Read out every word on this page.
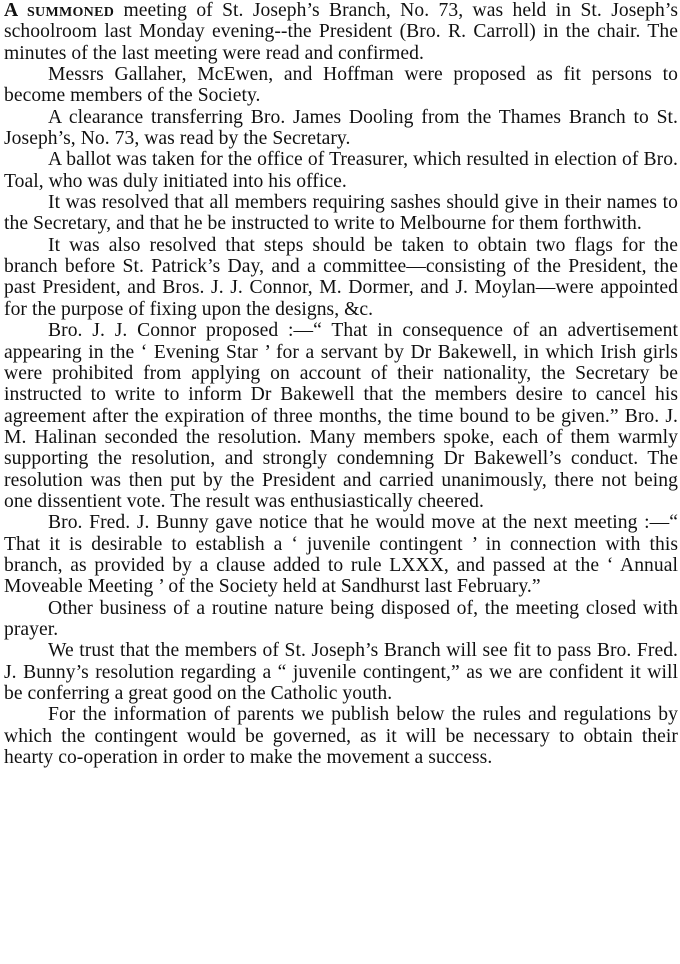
A summoned meeting of St. Joseph’s Branch, No. 73, was held in St. Joseph’s schoolroom last Monday evening--the President (Bro. R. Carroll) in the chair. The minutes of the last meeting were read and confirmed.

Messrs Gallaher, McEwen, and Hoffman were proposed as fit persons to become members of the Society.

A clearance transferring Bro. James Dooling from the Thames Branch to St. Joseph’s, No. 73, was read by the Secretary.

A ballot was taken for the office of Treasurer, which resulted in election of Bro. Toal, who was duly initiated into his office.

It was resolved that all members requiring sashes should give in their names to the Secretary, and that he be instructed to write to Melbourne for them forthwith.

It was also resolved that steps should be taken to obtain two flags for the branch before St. Patrick’s Day, and a committee—consisting of the President, the past President, and Bros. J. J. Connor, M. Dormer, and J. Moylan—were appointed for the purpose of fixing upon the designs, &c.

Bro. J. J. Connor proposed :—“ That in consequence of an advertisement appearing in the ‘ Evening Star ’ for a servant by Dr Bakewell, in which Irish girls were prohibited from applying on account of their nationality, the Secretary be instructed to write to inform Dr Bakewell that the members desire to cancel his agreement after the expiration of three months, the time bound to be given.” Bro. J. M. Halinan seconded the resolution. Many members spoke, each of them warmly supporting the resolution, and strongly condemning Dr Bakewell’s conduct. The resolution was then put by the President and carried unanimously, there not being one dissentient vote. The result was enthusiastically cheered.

Bro. Fred. J. Bunny gave notice that he would move at the next meeting :—“ That it is desirable to establish a ‘ juvenile contingent ’ in connection with this branch, as provided by a clause added to rule LXXX, and passed at the ‘ Annual Moveable Meeting ’ of the Society held at Sandhurst last February.”

Other business of a routine nature being disposed of, the meeting closed with prayer.

We trust that the members of St. Joseph’s Branch will see fit to pass Bro. Fred. J. Bunny’s resolution regarding a “ juvenile contingent,” as we are confident it will be conferring a great good on the Catholic youth.

For the information of parents we publish below the rules and regulations by which the contingent would be governed, as it will be necessary to obtain their hearty co-operation in order to make the movement a success.
